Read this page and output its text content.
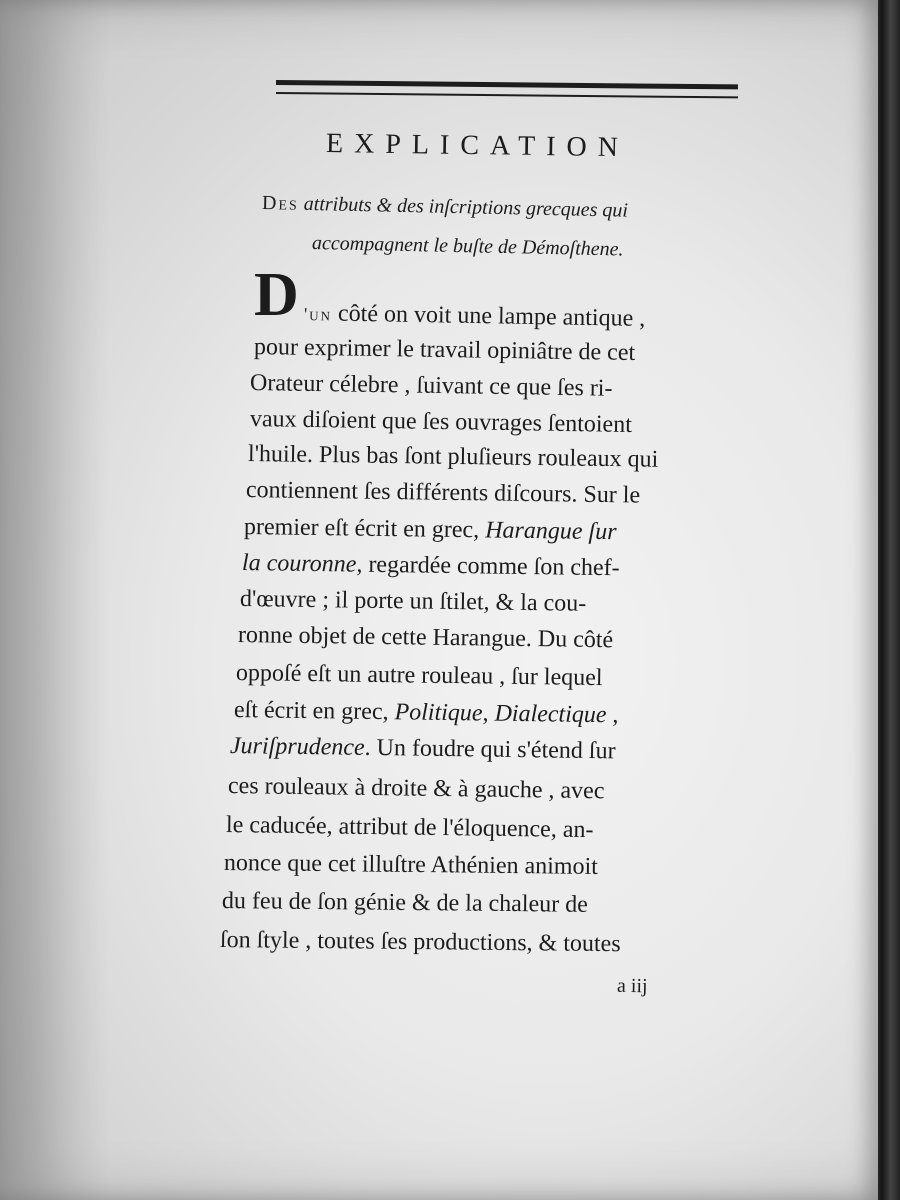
EXPLICATION
Des attributs & des inſcriptions grecques qui
accompagnent le buſte de Démoſthene.
D 'un côté on voit une lampe antique ,
pour exprimer le travail opiniâtre de cet
Orateur célebre , ſuivant ce que ſes ri-
vaux diſoient que ſes ouvrages ſentoient
l'huile. Plus bas ſont pluſieurs rouleaux qui
contiennent ſes différents diſcours. Sur le
premier eſt écrit en grec, Harangue ſur
la couronne, regardée comme ſon chef-
d'œuvre ; il porte un ſtilet, & la cou-
ronne objet de cette Harangue. Du côté
oppoſé eſt un autre rouleau , ſur lequel
eſt écrit en grec, Politique, Dialectique ,
Juriſprudence. Un foudre qui s'étend ſur
ces rouleaux à droite & à gauche , avec
le caducée, attribut de l'éloquence, an-
nonce que cet illuſtre Athénien animoit
du feu de ſon génie & de la chaleur de
ſon ſtyle , toutes ſes productions, & toutes
a iij
